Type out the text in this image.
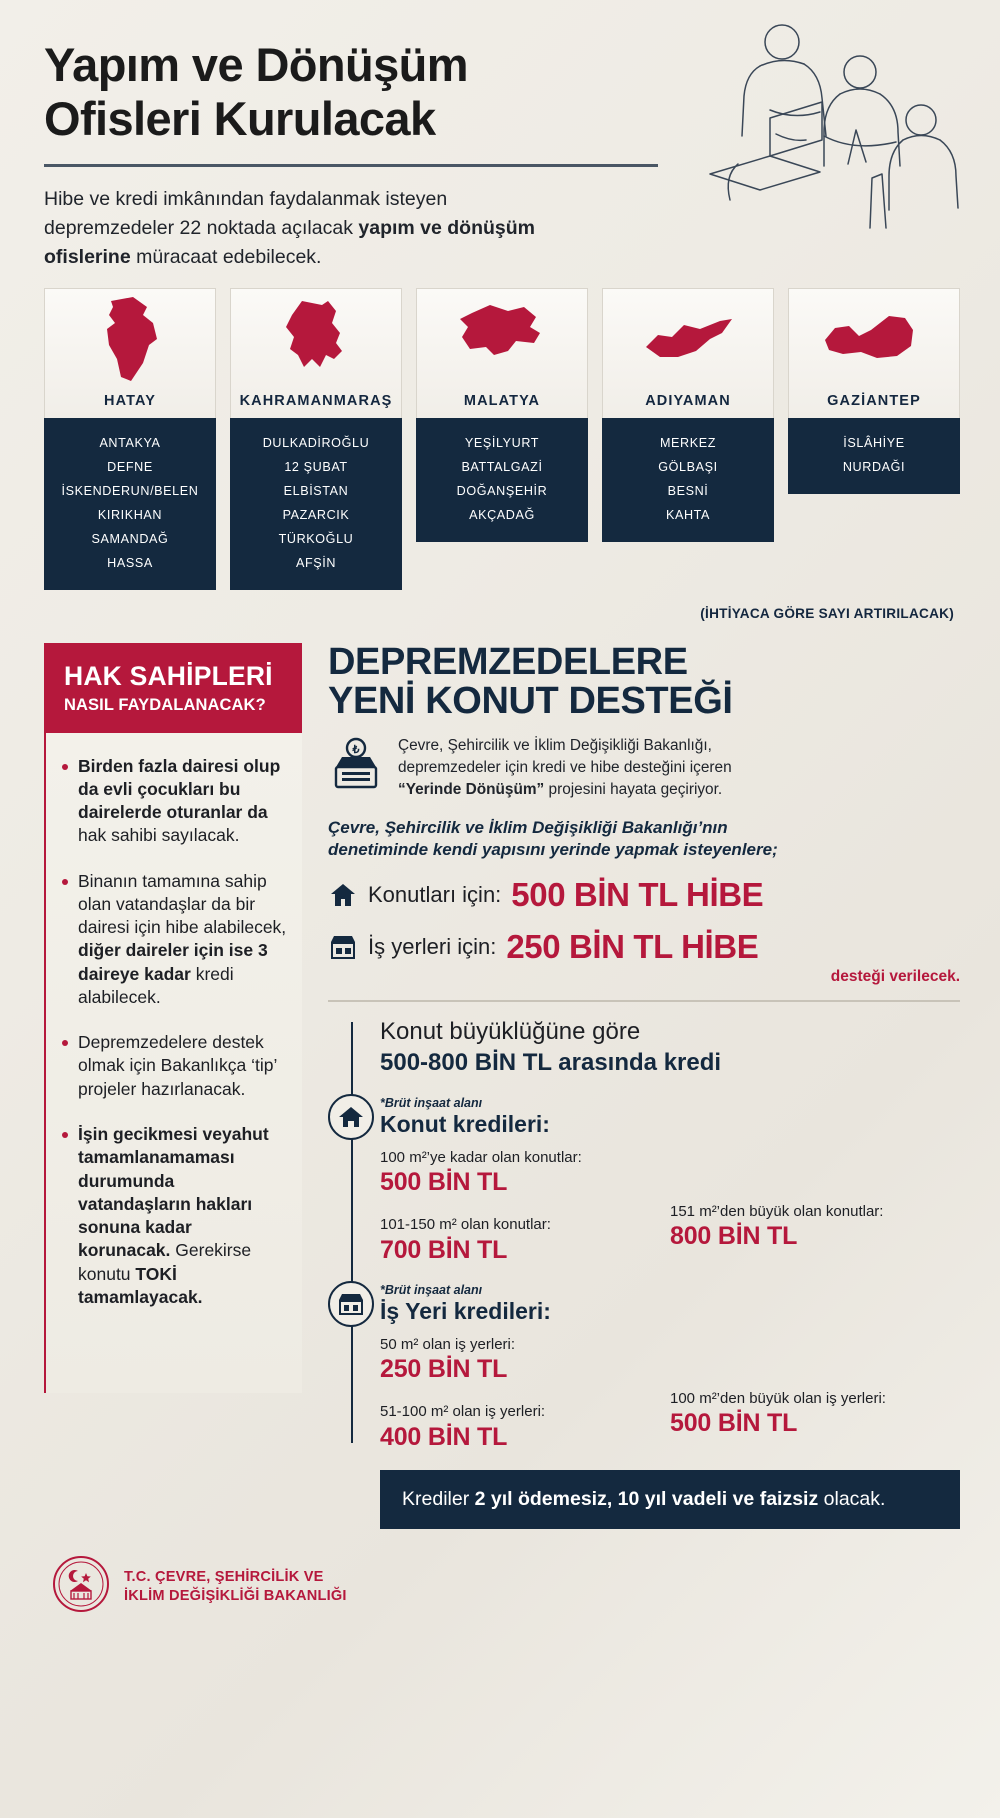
Yapım ve Dönüşüm
Ofisleri Kurulacak
Hibe ve kredi imkânından faydalanmak isteyen
depremzedeler 22 noktada açılacak yapım ve dönüşüm
ofislerine müracaat edebilecek.
HATAY
ANTAKYA
DEFNE
İSKENDERUN/BELEN
KIRIKHAN
SAMANDAĞ
HASSA
KAHRAMANMARAŞ
DULKADİROĞLU
12 ŞUBAT
ELBİSTAN
PAZARCIK
TÜRKOĞLU
AFŞİN
MALATYA
YEŞİLYURT
BATTALGAZİ
DOĞANŞEHİR
AKÇADAĞ
ADIYAMAN
MERKEZ
GÖLBAŞI
BESNİ
KAHTA
GAZİANTEP
İSLÂHİYE
NURDAĞI
(İHTİYACA GÖRE SAYI ARTIRILACAK)
HAK SAHİPLERİ
NASIL FAYDALANACAK?
Birden fazla dairesi olup da evli çocukları bu dairelerde oturanlar da hak sahibi sayılacak.
Binanın tamamına sahip olan vatandaşlar da bir dairesi için hibe alabilecek, diğer daireler için ise 3 daireye kadar kredi alabilecek.
Depremzedelere destek olmak için Bakanlıkça ‘tip’ projeler hazırlanacak.
İşin gecikmesi veyahut tamamlanamaması durumunda vatandaşların hakları sonuna kadar korunacak. Gerekirse konutu TOKİ tamamlayacak.
DEPREMZEDELERE
YENİ KONUT DESTEĞİ
₺	Çevre, Şehircilik ve İklim Değişikliği Bakanlığı,
depremzedeler için kredi ve hibe desteğini içeren
“Yerinde Dönüşüm” projesini hayata geçiriyor.
Çevre, Şehircilik ve İklim Değişikliği Bakanlığı’nın
denetiminde kendi yapısını yerinde yapmak isteyenlere;
Konutları için: 500 BİN TL HİBE
İş yerleri için: 250 BİN TL HİBE
desteği verilecek.
Konut büyüklüğüne göre
500-800 BİN TL arasında kredi
*Brüt inşaat alanı
Konut kredileri:
100 m²’ye kadar olan konutlar:
500 BİN TL
101-150 m² olan konutlar:
700 BİN TL
151 m²’den büyük olan konutlar:
800 BİN TL
*Brüt inşaat alanı
İş Yeri kredileri:
50 m² olan iş yerleri:
250 BİN TL
51-100 m² olan iş yerleri:
400 BİN TL
100 m²’den büyük olan iş yerleri:
500 BİN TL
Krediler 2 yıl ödemesiz, 10 yıl vadeli ve faizsiz olacak.
T.C. ÇEVRE, ŞEHİRCİLİK VE
İKLİM DEĞİŞİKLİĞİ BAKANLIĞI
